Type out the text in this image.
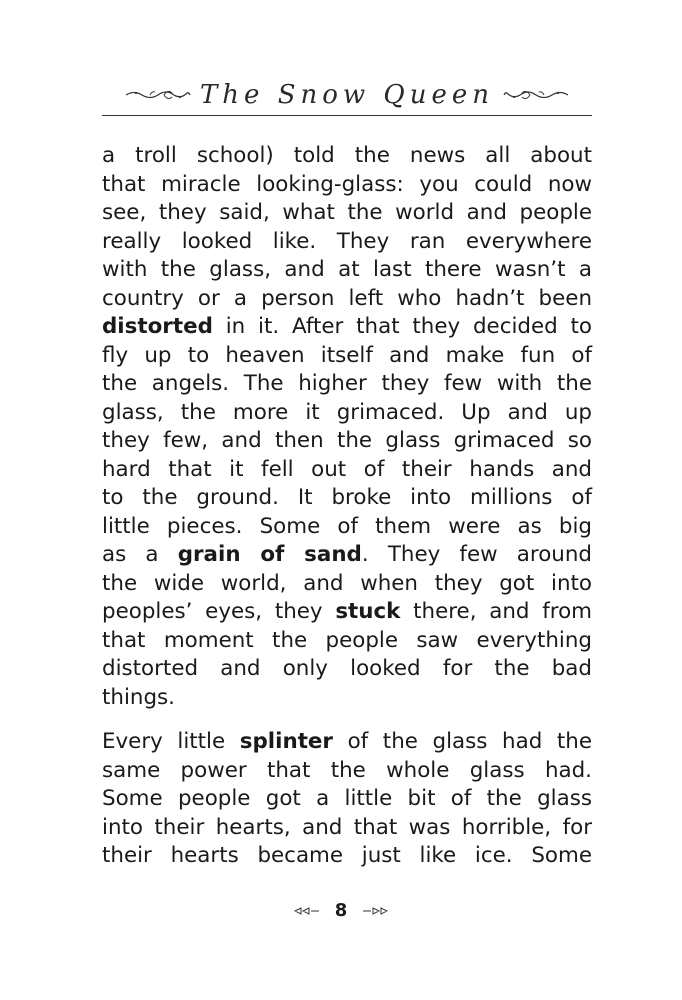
The Snow Queen

a troll school) told the news all about

that miracle looking-glass: you could now

see, they said, what the world and people

really looked like. They ran everywhere

with the glass, and at last there wasn’t a

country or a person left who hadn’t been

distorted in it. After that they decided to

fly up to heaven itself and make fun of

the angels. The higher they few with the

glass, the more it grimaced. Up and up

they few, and then the glass grimaced so

hard that it fell out of their hands and

to the ground. It broke into millions of

little pieces. Some of them were as big

as a grain of sand. They few around

the wide world, and when they got into

peoples’ eyes, they stuck there, and from

that moment the people saw everything

distorted and only looked for the bad

things.

Every little splinter of the glass had the

same power that the whole glass had.

Some people got a little bit of the glass

into their hearts, and that was horrible, for

their hearts became just like ice. Some

8
